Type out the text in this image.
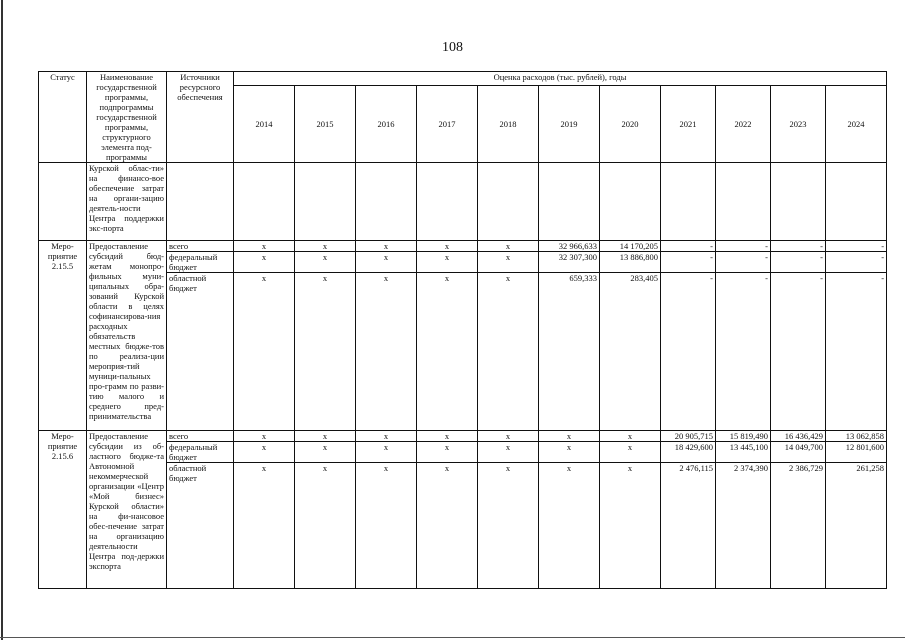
108
Статус	Наименование государственной программы, подпрограммы государственной программы, структурного элемента под-программы	Источники ресурсного обеспечения	Оценка расходов (тыс. рублей), годы										
			2014	2015	2016	2017	2018	2019	2020	2021	2022	2023	2024
	Курской облас-ти» на финансо-вое обеспечение затрат на органи-зацию деятель-ности Центра поддержки экс-порта												
Меро-приятие 2.15.5	Предоставление субсидий бюд-жетам монопро-фильных муни-ципальных обра-зований Курской области в целях софинансирова-ния расходных обязательств местных бюдже-тов по реализа-ции мероприя-тий муници-пальных про-грамм по разви-тию малого и среднего пред-принимательства	всего	x	x	x	x	x	32 966,633	14 170,205	-	-	-	-
		федеральный бюджет	x	x	x	x	x	32 307,300	13 886,800	-	-	-	-
		областной бюджет	x	x	x	x	x	659,333	283,405	-	-	-	-
Меро-приятие 2.15.6	Предоставление субсидии из об-ластного бюдже-та Автономной некоммерческой организации «Центр «Мой бизнес» Курской области» на фи-нансовое обес-печение затрат на организацию деятельности Центра под-держки экспорта	всего	x	x	x	x	x	x	x	20 905,715	15 819,490	16 436,429	13 062,858
		федеральный бюджет	x	x	x	x	x	x	x	18 429,600	13 445,100	14 049,700	12 801,600
		областной бюджет	x	x	x	x	x	x	x	2 476,115	2 374,390	2 386,729	261,258
